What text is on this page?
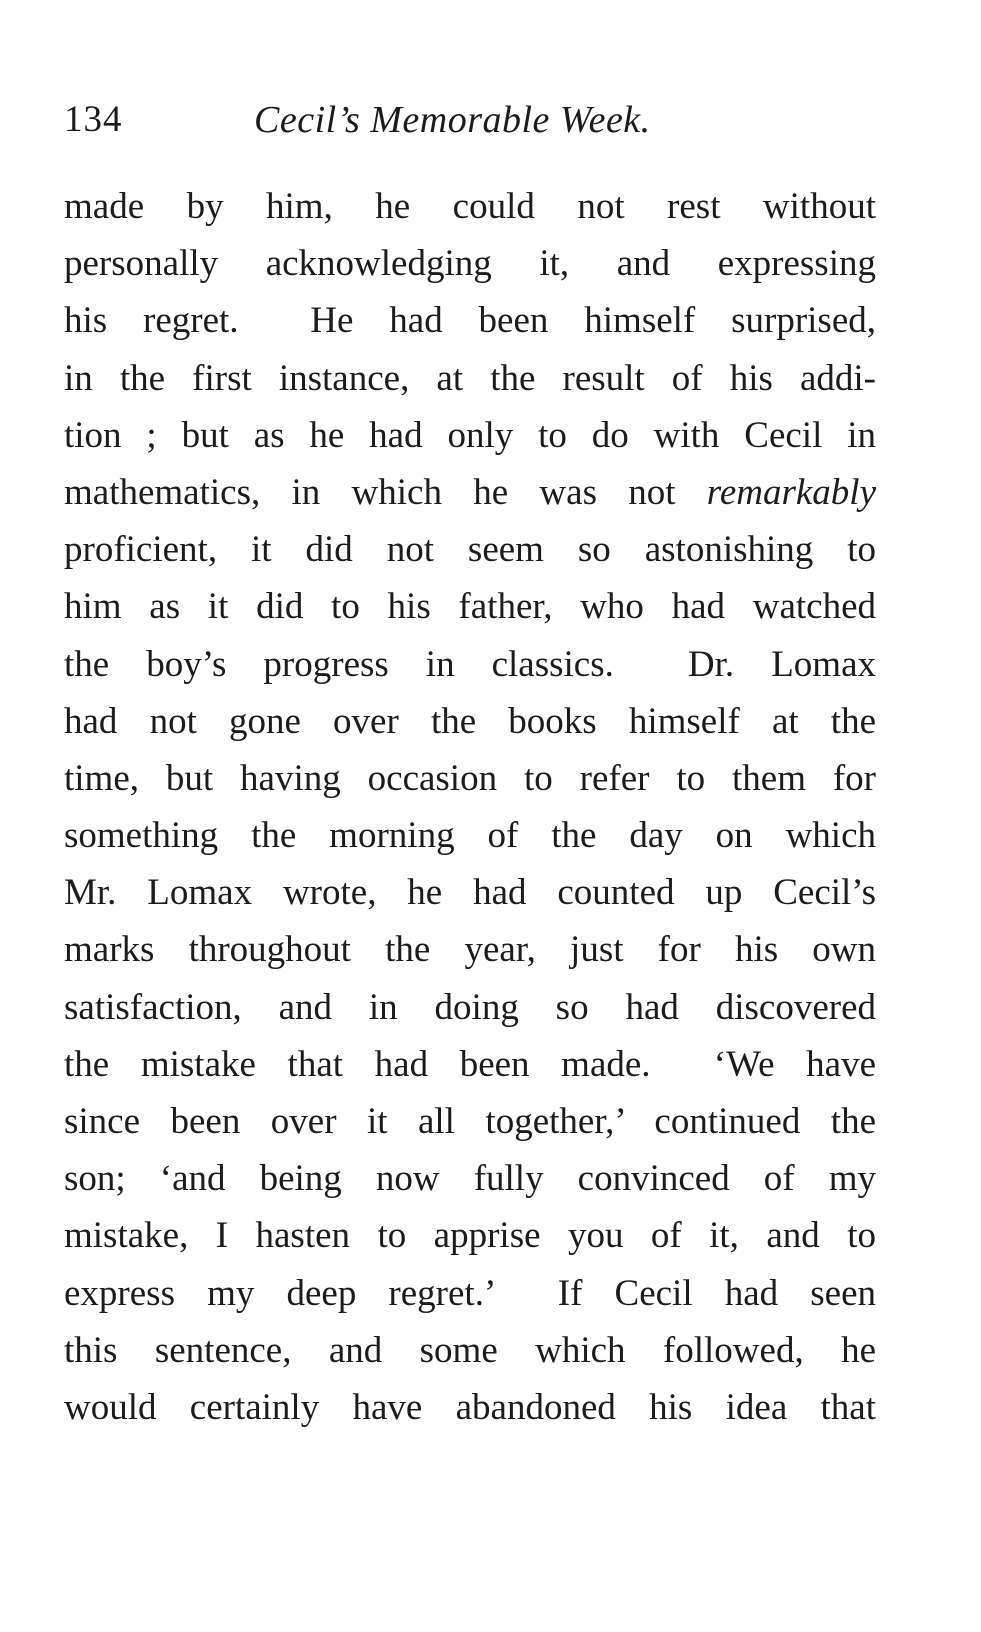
134	Cecil’s Memorable Week.
made by him, he could not rest without
personally acknowledging it, and expressing
his regret.  He had been himself surprised,
in the first instance, at the result of his addi-
tion ; but as he had only to do with Cecil in
mathematics, in which he was not remarkably
proficient, it did not seem so astonishing to
him as it did to his father, who had watched
the boy’s progress in classics.  Dr. Lomax
had not gone over the books himself at the
time, but having occasion to refer to them for
something the morning of the day on which
Mr. Lomax wrote, he had counted up Cecil’s
marks throughout the year, just for his own
satisfaction, and in doing so had discovered
the mistake that had been made.  ‘We have
since been over it all together,’ continued the
son; ‘and being now fully convinced of my
mistake, I hasten to apprise you of it, and to
express my deep regret.’  If Cecil had seen
this sentence, and some which followed, he
would certainly have abandoned his idea that
